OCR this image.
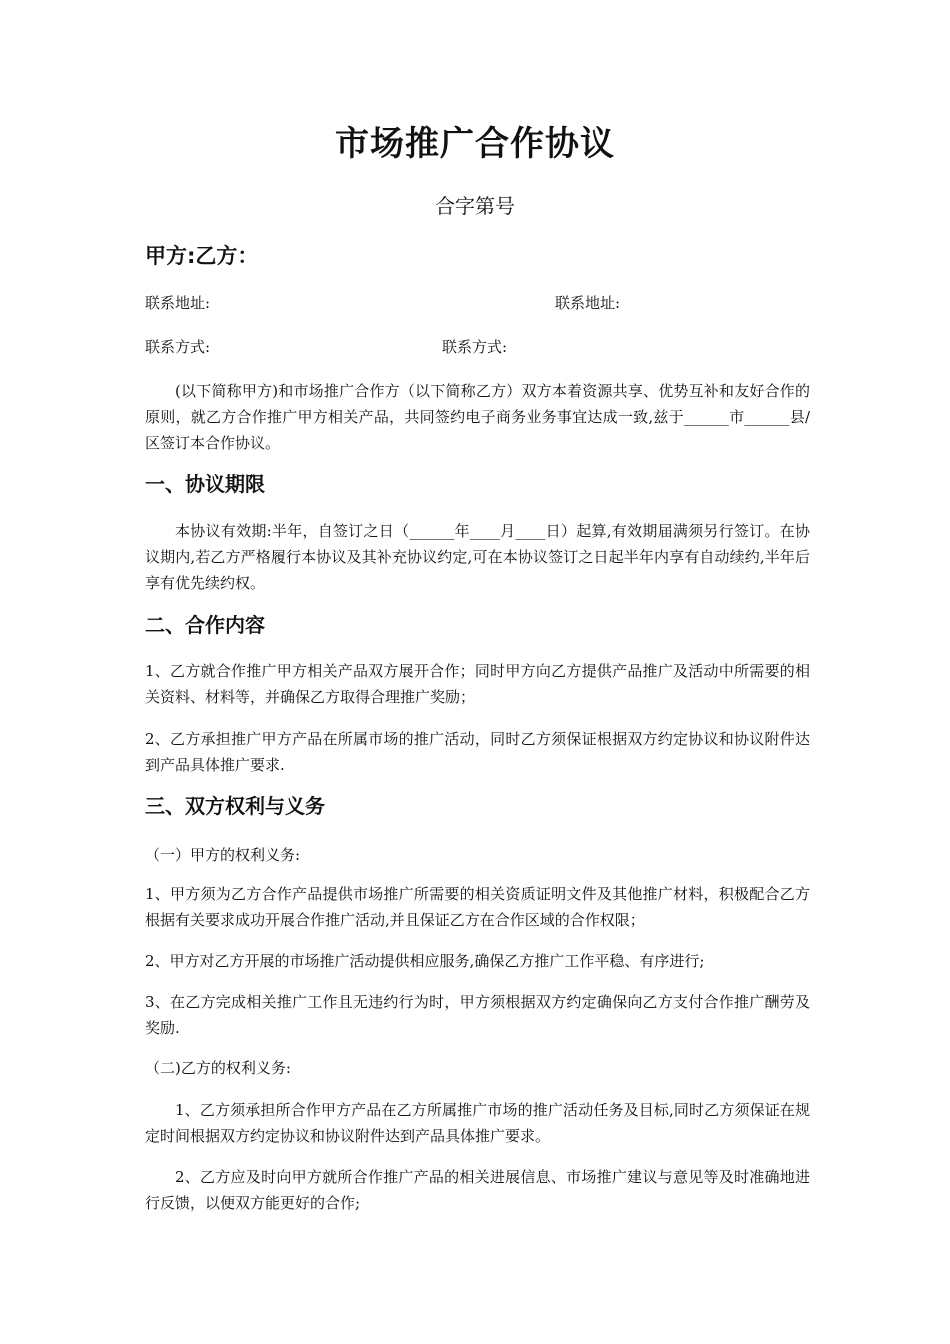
市场推广合作协议
合字第号
甲方:乙方：
联系地址:	联系地址:
联系方式:	联系方式:

(以下简称甲方)和市场推广合作方（以下简称乙方）双方本着资源共享、优势互补和友好合作的原则，就乙方合作推广甲方相关产品，共同签约电子商务业务事宜达成一致,兹于______市______县/区签订本合作协议。

一、协议期限

本协议有效期:半年，自签订之日（______年____月____日）起算,有效期届满须另行签订。在协议期内,若乙方严格履行本协议及其补充协议约定,可在本协议签订之日起半年内享有自动续约,半年后享有优先续约权。

二、合作内容

1、乙方就合作推广甲方相关产品双方展开合作；同时甲方向乙方提供产品推广及活动中所需要的相关资料、材料等，并确保乙方取得合理推广奖励；

2、乙方承担推广甲方产品在所属市场的推广活动，同时乙方须保证根据双方约定协议和协议附件达到产品具体推广要求.

三、双方权利与义务
（一）甲方的权利义务:

1、甲方须为乙方合作产品提供市场推广所需要的相关资质证明文件及其他推广材料，积极配合乙方根据有关要求成功开展合作推广活动,并且保证乙方在合作区域的合作权限；

2、甲方对乙方开展的市场推广活动提供相应服务,确保乙方推广工作平稳、有序进行;

3、在乙方完成相关推广工作且无违约行为时，甲方须根据双方约定确保向乙方支付合作推广酬劳及奖励.

（二)乙方的权利义务:

1、乙方须承担所合作甲方产品在乙方所属推广市场的推广活动任务及目标,同时乙方须保证在规定时间根据双方约定协议和协议附件达到产品具体推广要求。

2、乙方应及时向甲方就所合作推广产品的相关进展信息、市场推广建议与意见等及时准确地进行反馈，以便双方能更好的合作;
